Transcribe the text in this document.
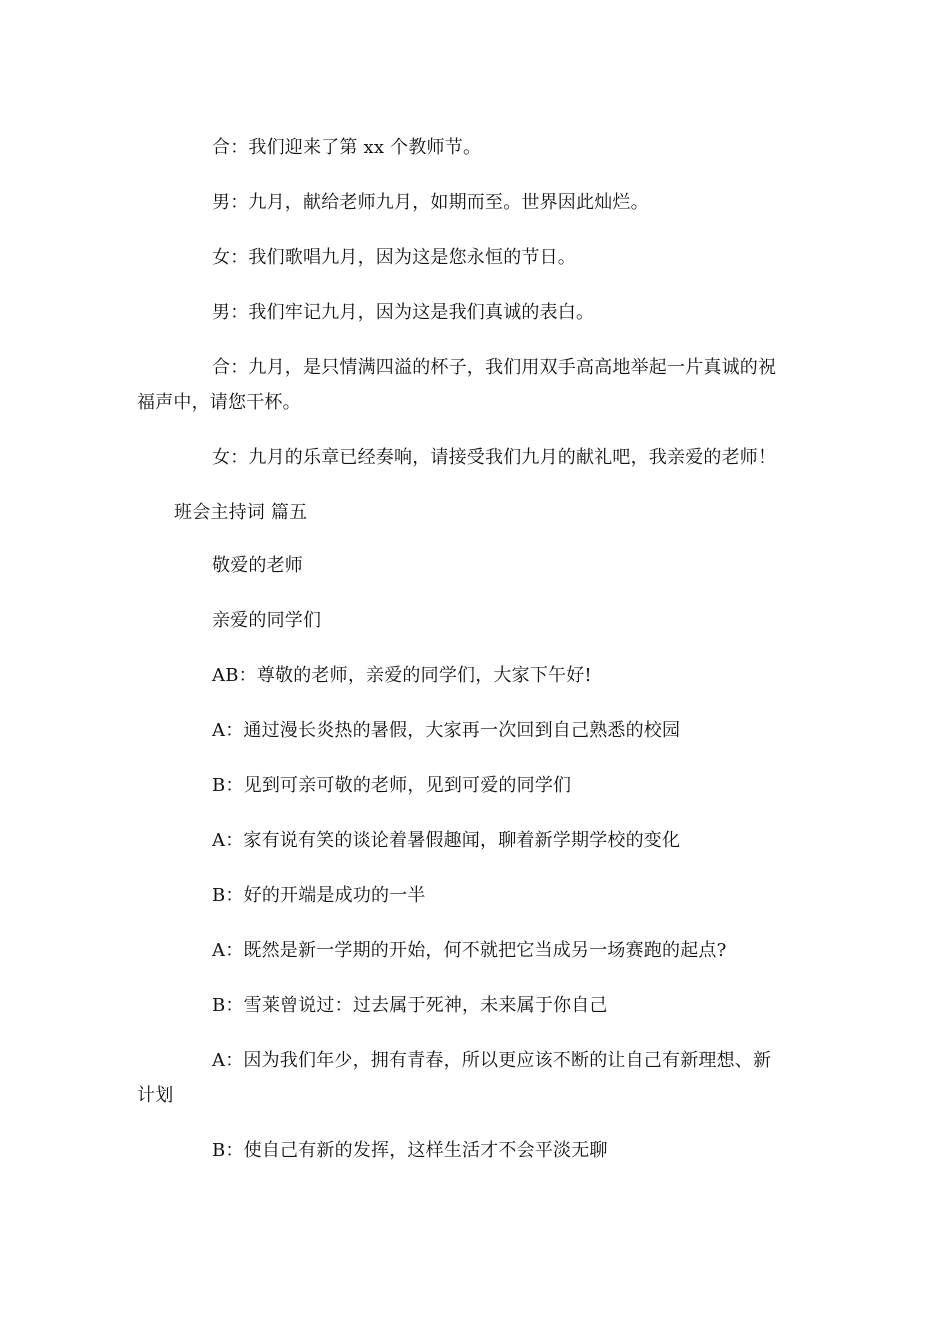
合：我们迎来了第 xx 个教师节。
男：九月，献给老师九月，如期而至。世界因此灿烂。
女：我们歌唱九月，因为这是您永恒的节日。
男：我们牢记九月，因为这是我们真诚的表白。
合：九月，是只情满四溢的杯子，我们用双手高高地举起一片真诚的祝
福声中，请您干杯。
女：九月的乐章已经奏响，请接受我们九月的献礼吧，我亲爱的老师！
班会主持词 篇五
敬爱的老师
亲爱的同学们
AB：尊敬的老师，亲爱的同学们，大家下午好!
A：通过漫长炎热的暑假，大家再一次回到自己熟悉的校园
B：见到可亲可敬的老师，见到可爱的同学们
A：家有说有笑的谈论着暑假趣闻，聊着新学期学校的变化
B：好的开端是成功的一半
A：既然是新一学期的开始，何不就把它当成另一场赛跑的起点?
B：雪莱曾说过：过去属于死神，未来属于你自己
A：因为我们年少，拥有青春，所以更应该不断的让自己有新理想、新
计划
B：使自己有新的发挥，这样生活才不会平淡无聊
